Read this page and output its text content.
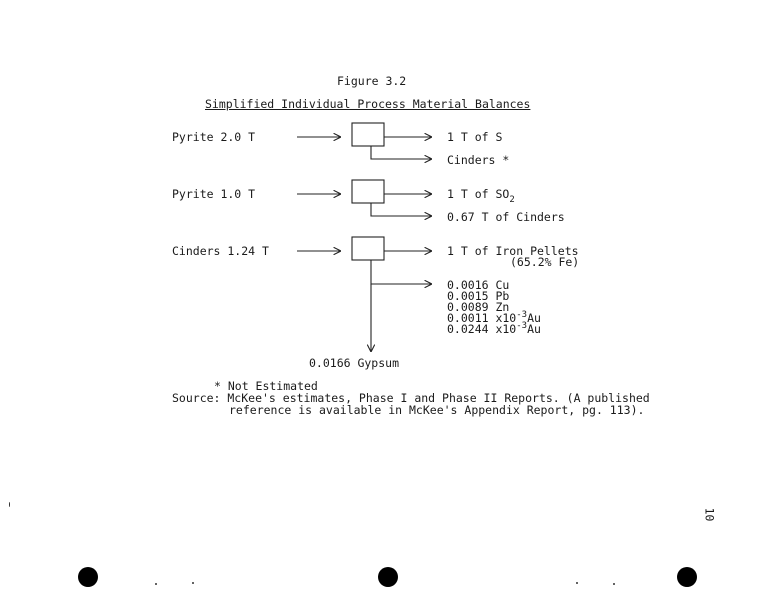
Figure 3.2
Simplified Individual Process Material Balances
Pyrite 2.0 T	1 T of S
Cinders *
Pyrite 1.0 T	1 T of $SO_2$
0.67 T of Cinders
Cinders 1.24 T	1 T of Iron Pellets
(65.2% Fe)
0.0016 Cu
0.0015 Pb
0.0089 Zn
0.0011 $x10^{-3}Au$
0.0244 $x10^{-3}Au$
0.0166 Gypsum
* Not Estimated
Source: McKee's estimates, Phase I and Phase II Reports. (A published
reference is available in McKee's Appendix Report, pg. 113).
10
